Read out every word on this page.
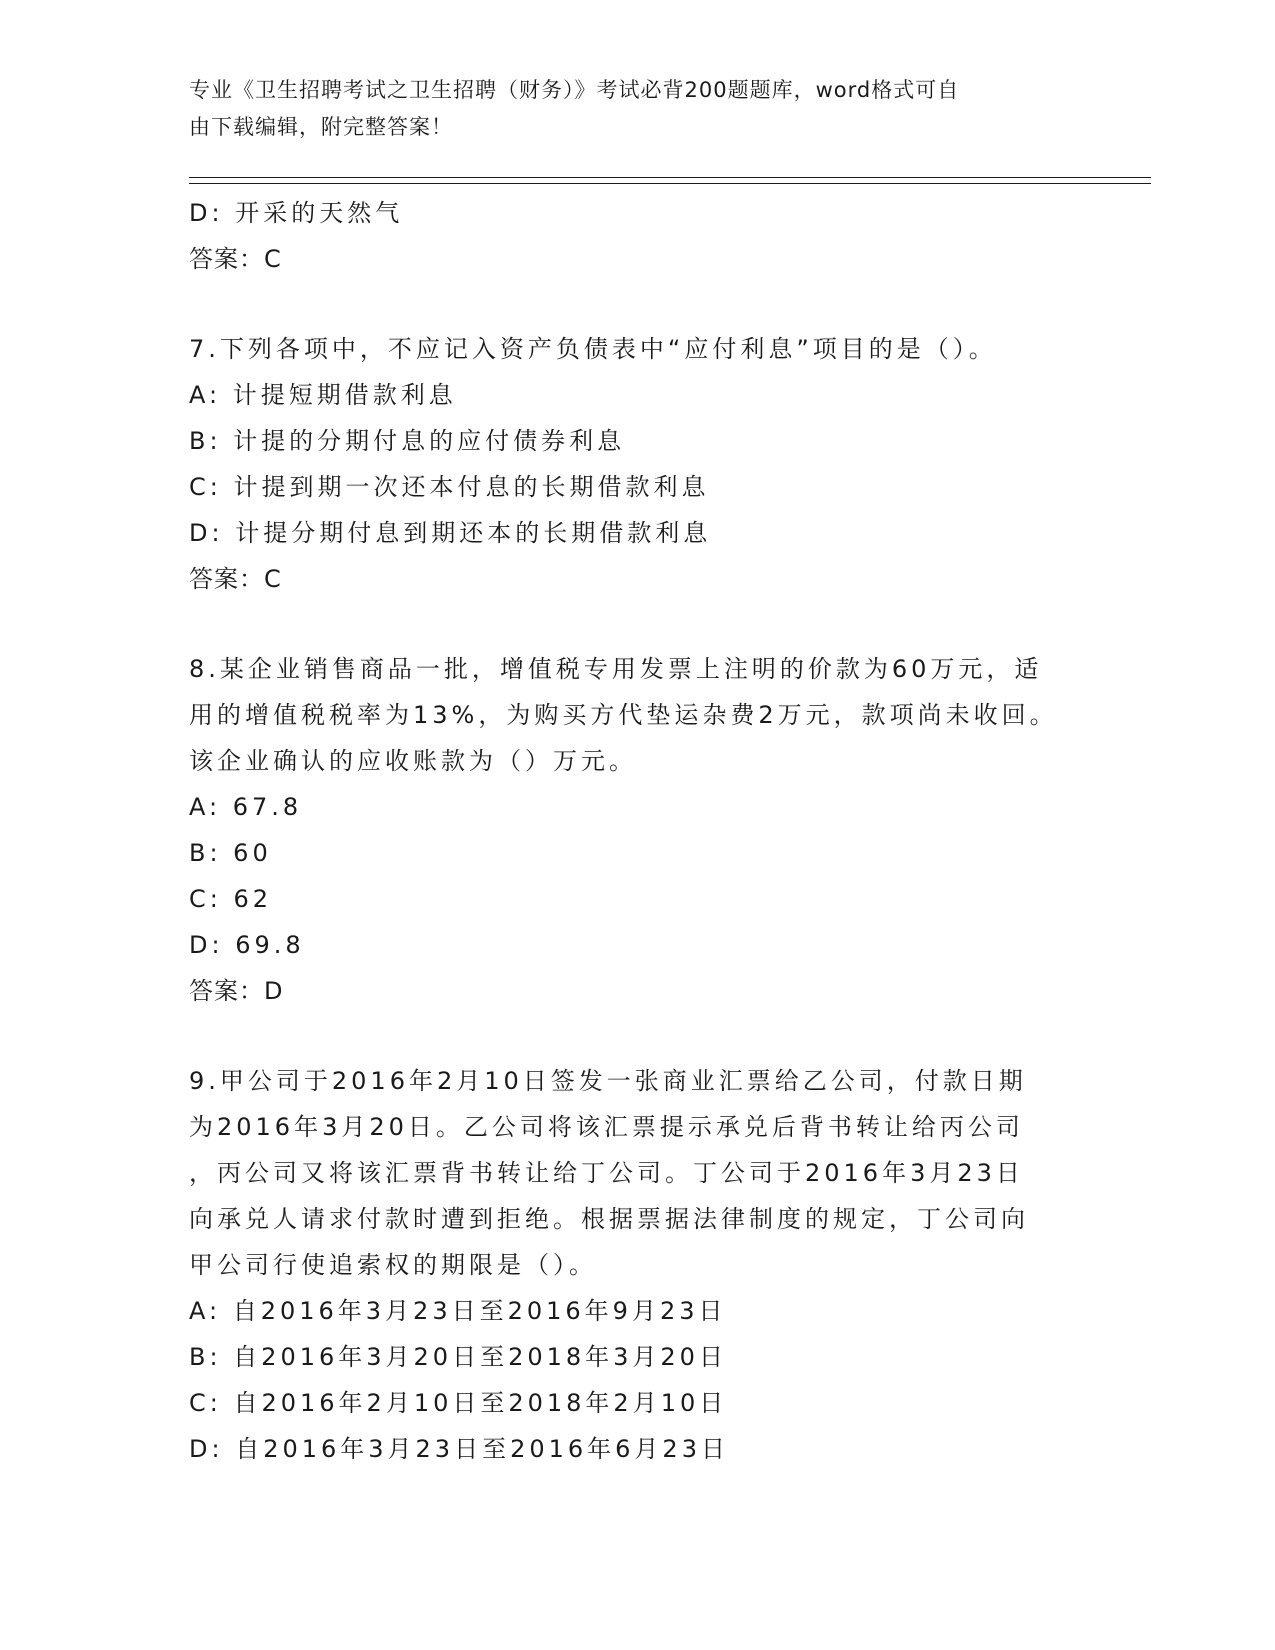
专业《卫生招聘考试之卫生招聘（财务）》考试必背200题题库，word格式可自
由下载编辑，附完整答案！
D: 开采的天然气
答案：C
7.下列各项中，不应记入资产负债表中“应付利息”项目的是（）。
A: 计提短期借款利息
B: 计提的分期付息的应付债券利息
C: 计提到期一次还本付息的长期借款利息
D: 计提分期付息到期还本的长期借款利息
答案：C
8.某企业销售商品一批，增值税专用发票上注明的价款为60万元，适
用的增值税税率为13%，为购买方代垫运杂费2万元，款项尚未收回。
该企业确认的应收账款为（）万元。
A: 67.8
B: 60
C: 62
D: 69.8
答案：D
9.甲公司于2016年2月10日签发一张商业汇票给乙公司，付款日期
为2016年3月20日。乙公司将该汇票提示承兑后背书转让给丙公司
，丙公司又将该汇票背书转让给丁公司。丁公司于2016年3月23日
向承兑人请求付款时遭到拒绝。根据票据法律制度的规定，丁公司向
甲公司行使追索权的期限是（）。
A: 自2016年3月23日至2016年9月23日
B: 自2016年3月20日至2018年3月20日
C: 自2016年2月10日至2018年2月10日
D: 自2016年3月23日至2016年6月23日
